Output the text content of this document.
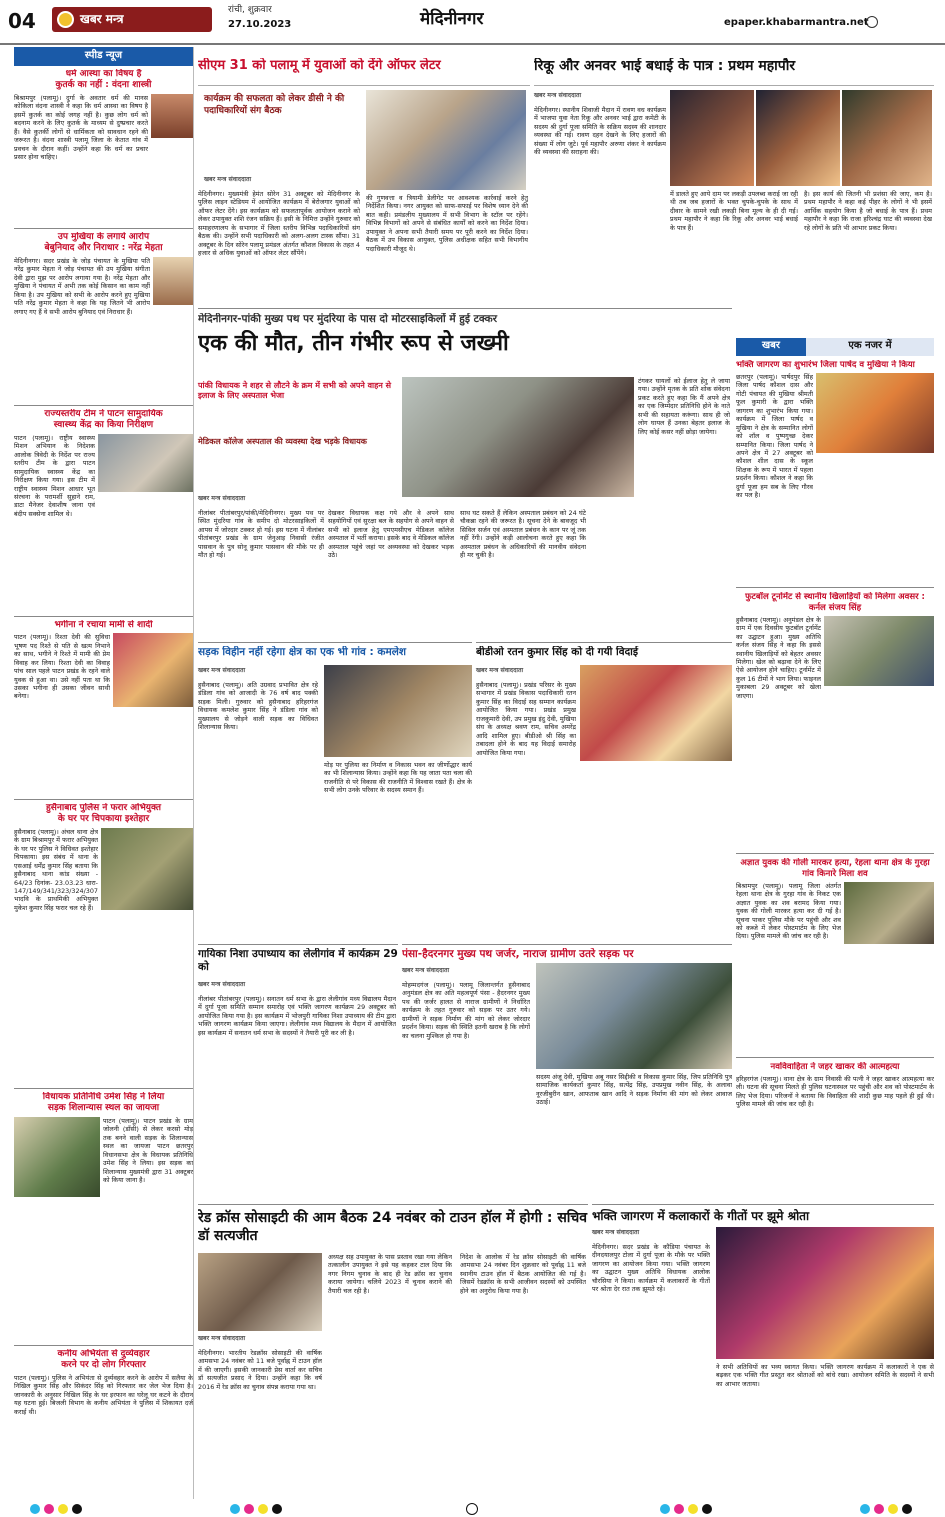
04	खबर मन्त्र
रांची, शुक्रवार
27.10.2023	मेदिनीनगर	epaper.khabarmantra.net
स्पीड न्यूज
धर्म आस्था का विषय है
कुतर्क का नहीं : वंदना शास्त्री
बिश्रामपुर (पलामू)। दुर्गा के अवतार धर्म की मानस कोकिला वंदना शास्त्री ने कहा कि धर्म आस्था का विषय है इसमें कुतर्क का कोई जगह नहीं है। कुछ लोग धर्म को बदनाम करने के लिए कुतर्क के माध्यम से दुष्प्रचार करते हैं। वैसे कुतर्की लोगों से धार्मिकता को सावधान रहने की जरूरत है। वंदना शास्त्री पलामू जिला के केतात गांव में प्रवचन के दौरान कहीं। उन्होंने कहा कि धर्म का प्रचार प्रसार होना चाहिए।
उप मुखिया के लगाये आरोप
बेबुनियाद और निराधार : नरेंद्र मेहता
मेदिनीनगर। सदर प्रखंड के जोड़ पंचायत के मुखिया पति नरेंद्र कुमार मेहता ने जोड़ पंचायत की उप मुखिया संगीता देवी द्वारा मुझ पर आरोप लगाया गया है। नरेंद्र मेहता और मुखिया ने पंचायत में अभी तक कोई किसान का काम नहीं किया है। उप मुखिया को सभी के आरोप करने हुए मुखिया पति नरेंद्र कुमार मेहता ने कहा कि यह जितने भी आरोप लगाए गए हैं वे सभी आरोप बुनियाद एवं निराधार हैं।
राज्यस्तरीय टीम ने पाटन सामुदायिक
स्वास्थ्य केंद्र का किया निरीक्षण
पाटन (पलामू)। राष्ट्रीय स्वास्थ्य मिशन अभियान के निदेशक आलोक त्रिवेदी के निर्देश पर राज्य स्तरीय टीम के द्वारा पाटन सामुदायिक स्वास्थ्य केंद्र का निरीक्षण किया गया। इस टीम में राष्ट्रीय स्वास्थ्य मिशन आधार भूत संरचना के परामर्शी सुहाने राम, डाटा मैनेजर देवाशीष जाना एवं बंदीप सक्सेना शामिल थे।
भगीना ने रचाया मामी से शादी
पाटन (पलामू)। रिश्ता देवी की सुविधा भूषण पद रिश्ते से पति से खत्म निभाने का साथ, भगीने ने रिश्ते में मामी की प्रेम विवाह कर लिया। रिश्ता देवी का विवाह पांच साल पहले पाटन प्रखंड के रहने वाले युवक से हुआ था। उसे नहीं पता था कि उसका भगीना ही उसका जीवन साथी बनेगा।
हुसैनाबाद पुलिस ने फरार अभियुक्त
के घर पर चिपकाया इश्तेहार
हुसैनाबाद (पलामू)। अंचल थाना क्षेत्र के ग्राम बिश्रामपुर में फरार अभियुक्त के घर पर पुलिस ने विधिवत इश्तेहार चिपकाया। इस संबंध में थाना के एसआई धर्मेंद्र कुमार सिंह बताया कि हुसैनाबाद थाना कांड संख्या - 64/23 दिनांक- 23.03.23 धारा- 147/149/341/323/324/307 भादवि के प्राथमिकी अभियुक्त मुकेश कुमार सिंह फरार चल रहे हैं।
विधायक प्रतिनिधि उमेश सिंह ने लिया
सड़क शिलान्यास स्थल का जायजा
पाटन (पलामू)। पाटन प्रखंड के ग्राम जोलनी (डाँसी) से लेकर करसो मोड़ तक बनने वाली सड़क के शिलान्यास स्थल का जायजा पाटन छतरपुर विधानसभा क्षेत्र के विधायक प्रतिनिधि उमेश सिंह ने लिया। इस सड़क का शिलान्यास मुख्यमंत्री द्वारा 31 अक्टूबर को किया जाना है।
कनीय अभियंता से दुर्व्यवहार
करने पर दो लोग गिरफ्तार
पाटन (पलामू)। पुलिस ने अभियंता से दुर्व्यवहार करने के आरोप में सलैया के निखिल कुमार सिंह और सिकंदर सिंह को गिरफ्तार कर जेल भेज दिया है। जानकारी के अनुसार निखिल सिंह के घर इरफान का घरेलू घर कटने के दौरान यह घटना हुई। बिजली विभाग के कनीय अभियंता ने पुलिस में शिकायत दर्ज कराई थी।
सीएम 31 को पलामू में युवाओं को देंगे ऑफर लेटर
कार्यक्रम की सफलता को लेकर डीसी ने की पदाधिकारियों संग बैठक
खबर मन्त्र संवाददाता
मेदिनीनगर। मुख्यमंत्री हेमंत सोरेन 31 अक्टूबर को मेदिनीनगर के पुलिस लाइन स्टेडियम में आयोजित कार्यक्रम में बेरोजगार युवाओं को ऑफर लेटर देंगे। इस कार्यक्रम को सफलतापूर्वक आयोजन कराने को लेकर उपायुक्त शशि रंजन सक्रिय हैं। इसी के निमित्त उन्होंने गुरुवार को समाहरणालय के सभागार में जिला स्तरीय विभिन्न पदाधिकारियों संग बैठक की। उन्होंने सभी पदाधिकारी को अलग-अलग टास्क सौंपा। 31 अक्टूबर के दिन सोरेन पलामू प्रमंडल अंतर्गत कौशल विकास के तहत 4 हजार से अधिक युवाओं को ऑफर लेटर सौंपेंगे।
की गुणवत्ता व त्रियामी डेलीगेट पर आवश्यक कार्रवाई करने हेतु निर्देशित किया। नगर आयुक्त को साफ-सफाई पर विशेष ध्यान देने की बात कही। प्रमंडलीय मुख्यालय में सभी विभाग के स्टॉल पर रहेंगे। विभिन्न विभागों को अपने से संबंधित कार्यों को करने का निर्देश दिया। उपायुक्त ने अपना सभी तैयारी समय पर पूरी करने का निर्देश दिया। बैठक में उप विकास आयुक्त, पुलिस अधीक्षक सहित सभी विभागीय पदाधिकारी मौजूद थे।
रिकू और अनवर भाई बधाई के पात्र : प्रथम महापौर
खबर मन्त्र संवाददाता
मेदिनीनगर। स्थानीय शिवाजी मैदान में रावण वध कार्यक्रम में भाजपा युवा नेता रिकू और अनवर भाई द्वारा कमेटी के सदस्य श्री दुर्गा पूजा समिति के सक्रिय सदस्य की शानदार व्यवस्था की गई। रावण दहन देखने के लिए हजारों की संख्या में लोग जुटे। पूर्व महापौर अरुणा शंकर ने कार्यक्रम की व्यवस्था की सराहना की।
में डालते हुए आये दाम पर लकड़ी उपलब्ध कराई जा रही थी तब जब हजारों के भक्त चुपके-चुपके के साथ में दीवार के सामने रखी लकड़ी बिना मूल्य के ही दी गई। प्रथम महापौर ने कहा कि रिकू और अनवर भाई बधाई के पात्र हैं।
है। इस कार्य की जितनी भी प्रशंसा की जाए, कम है। प्रथम महापौर ने कहा कई पीहर के लोगों ने भी इसमें आर्थिक सहयोग किया है जो बधाई के पात्र हैं। प्रथम महापौर ने कहा कि राजा हरिश्चंद्र घाट की व्यवस्था देख रहे लोगों के प्रति भी आभार प्रकट किया।
मेदिनीनगर-पांकी मुख्य पथ पर मुंदरिया के पास दो मोटरसाइकिलों में हुई टक्कर
एक की मौत, तीन गंभीर रूप से जख्मी
पांकी विधायक ने शहर से लौटने के क्रम में सभी को अपने वाहन से इलाज के लिए अस्पताल भेजा
मेडिकल कॉलेज अस्पताल की व्यवस्था देख भड़के विधायक
खबर मन्त्र संवाददाता
नीलांबर पीतांबरपुर/पांकी/मेदिनीनगर। मुख्य पथ पर स्थित मुंदरिया गांव के समीप दो मोटरसाइकिलों में आपस में जोरदार टक्कर हो गई। इस घटना में नीलांबर पीतांबरपुर प्रखंड के ग्राम जेनुआइ निवासी रंजीत पासवान के पुत्र सोनू कुमार पासवान की मौके पर ही मौत हो गई।
देखकर विधायक कक्ष गये और वे अपने साथ सहयोगियों एवं सुरक्षा बल के सहयोग से अपने वाहन से सभी को इलाज हेतु एमएमसीएच मेडिकल कॉलेज अस्पताल में भर्ती कराया। इसके बाद वे मेडिकल कॉलेज अस्पताल पहुंचे जहां पर अव्यवस्था को देखकर भड़क उठे।
साथ घट सकते हैं लेकिन अस्पताल प्रबंधन को 24 घंटे चौकन्ना रहने की जरूरत है। सूचना देने के बावजूद भी सिविल सर्जन एवं अस्पताल प्रबंधन के कान पर जूं तक नहीं रेंगी। उन्होंने कड़ी आलोचना करते हुए कहा कि अस्पताल प्रबंधन के अधिकारियों की मानवीय संवेदना ही मर चुकी है।
टंगकर घायलों को ईलाज हेतु ले जाया गया। उन्होंने मृतक के प्रति शोक संवेदना प्रकट करते हुए कहा कि मैं अपने क्षेत्र का एक जिम्मेदार प्रतिनिधि होने के नाते सभी की सहायता करूंगा। साथ ही जो लोग घायल हैं उनका बेहतर इलाज के लिए कोई कसर नहीं छोड़ा जायेगा।
खबर	एक नजर में
भक्ति जागरण का शुभारंभ जिला पार्षद व मुखिया ने किया
छतरपुर (पलामू)। पार्षदपुर सिंह जिला पार्षद कौशल दास और गोटी पंचायत की मुखिया श्रीमती फूल कुमारी के द्वारा भक्ति जागरण का शुभारंभ किया गया। कार्यक्रम में जिला पार्षद व मुखिया ने क्षेत्र के सम्मानित लोगों को शॉल व पुष्पगुच्छ देकर सम्मानित किया। जिला पार्षद ने अपने क्षेत्र में 27 अक्टूबर को कौशल शील दास के स्कूल शिक्षक के रूप में भारत में पहला प्रदर्शन किया। कौशल ने कहा कि दुर्गा पूजा हम सब के लिए गौरव का पल है।
फुटबॉल टूर्नामेंट से स्थानीय खिलाड़ियों को मिलेगा अवसर : कर्नल संजय सिंह
हुसैनाबाद (पलामू)। अनुमंडल क्षेत्र के ग्राम में एक दिवसीय फुटबॉल टूर्नामेंट का उद्घाटन हुआ। मुख्य अतिथि कर्नल संजय सिंह ने कहा कि इससे स्थानीय खिलाड़ियों को बेहतर अवसर मिलेगा। खेल को बढ़ावा देने के लिए ऐसे आयोजन होने चाहिए। टूर्नामेंट में कुल 16 टीमों ने भाग लिया। फाइनल मुकाबला 29 अक्टूबर को खेला जाएगा।
अज्ञात युवक की गोली मारकर हत्या, रेहला थाना क्षेत्र के गुरहा गांव किनारे मिला शव
बिश्रामपुर (पलामू)। पलामू जिला अंतर्गत रेहला थाना क्षेत्र के गुरहा गांव के निकट एक अज्ञात युवक का शव बरामद किया गया। युवक की गोली मारकर हत्या कर दी गई है। सूचना पाकर पुलिस मौके पर पहुंची और शव को कब्जे में लेकर पोस्टमार्टम के लिए भेज दिया। पुलिस मामले की जांच कर रही है।
नवविवाहिता ने जहर खाकर की आत्महत्या
हरिहरगंज (पलामू)। थाना क्षेत्र के ग्राम निवासी की पत्नी ने जहर खाकर आत्महत्या कर ली। घटना की सूचना मिलते ही पुलिस घटनास्थल पर पहुंची और शव को पोस्टमार्टम के लिए भेज दिया। परिजनों ने बताया कि विवाहिता की शादी कुछ माह पहले ही हुई थी। पुलिस मामले की जांच कर रही है।
सड़क विहीन नहीं रहेगा क्षेत्र का एक भी गांव : कमलेश
खबर मन्त्र संवाददाता
हुसैनाबाद (पलामू)। अति उग्रवाद प्रभावित क्षेत्र रहे डंडिला गांव को आजादी के 76 वर्ष बाद पक्की सड़क मिली। गुरुवार को हुसैनाबाद हरिहरगंज विधायक कमलेश कुमार सिंह ने डंडिला गांव को मुख्यालय से जोड़ने वाली सड़क का विधिवत शिलान्यास किया।
मोड़ पर पुलिया का निर्माण व निकास भवन का जीर्णोद्धार कार्य का भी शिलान्यास किया। उन्होंने कहा कि यह जाता पता चला की राजनीति से परे विकास की राजनीति में विश्वास रखते हैं। क्षेत्र के सभी लोग उनके परिवार के सदस्य समान हैं।
बीडीओ रतन कुमार सिंह को दी गयी विदाई
खबर मन्त्र संवाददाता
हुसैनाबाद (पलामू)। प्रखंड परिसर के मुख्य सभागार में प्रखंड विकास पदाधिकारी रतन कुमार सिंह का विदाई सह सम्मान कार्यक्रम आयोजित किया गया। प्रखंड प्रमुख राजकुमारी देवी, उप प्रमुख इंदु देवी, मुखिया संघ के अध्यक्ष श्रवण राम, सचिव अमरेंद्र आदि शामिल हुए। बीडीओ श्री सिंह का तबादला होने के बाद यह विदाई समारोह आयोजित किया गया।
गायिका निशा उपाध्याय का लेलीगांव में कार्यक्रम 29 को
खबर मन्त्र संवाददाता
नीलांबर पीतांबरपुर (पलामू)। सनातन धर्म सभा के द्वारा लेलीगांव मध्य विद्यालय मैदान में दुर्गा पूजा समिति सम्मान समारोह एवं भक्ति जागरण कार्यक्रम 29 अक्टूबर को आयोजित किया गया है। इस कार्यक्रम में भोजपुरी गायिका निशा उपाध्याय की टीम द्वारा भक्ति जागरण कार्यक्रम किया जाएगा। लेलीगांव मध्य विद्यालय के मैदान में आयोजित इस कार्यक्रम में सनातन धर्म सभा के सदस्यों ने तैयारी पूरी कर ली है।
पंसा-हैदरनगर मुख्य पथ जर्जर, नाराज ग्रामीण उतरे सड़क पर
खबर मन्त्र संवाददाता
मोहम्मदगंज (पलामू)। पलामू जिलान्तर्गत हुसैनाबाद अनुमंडल क्षेत्र का अति महत्वपूर्ण पंसा - हैदरनगर मुख्य पथ की जर्जर हालत से नाराज ग्रामीणों ने निर्धारित कार्यक्रम के तहत गुरुवार को सड़क पर उतर गये। ग्रामीणों ने सड़क निर्माण की मांग को लेकर जोरदार प्रदर्शन किया। सड़क की स्थिति इतनी खराब है कि लोगों का चलना मुश्किल हो गया है।
सदस्य अंजू देवी, मुखिया अबू नसर सिद्दीकी व विकास कुमार सिंह, जिप प्रतिनिधि पुत्र सामाजिक कार्यकर्ता कुमार सिंह, सत्येंद्र सिंह, उपप्रमुख नवीन सिंह, के अलावा नूरजीबुरीन खान, आफताब खान आदि ने सड़क निर्माण की मांग को लेकर आवाज उठाई।
रेड क्रॉस सोसाइटी की आम बैठक 24 नवंबर को टाउन हॉल में होगी : सचिव डॉ सत्यजीत
खबर मन्त्र संवाददाता
मेदिनीनगर। भारतीय रेडक्रॉस सोसाइटी की वार्षिक आमसभा 24 नवंबर को 11 बजे पूर्वाह्न में टाउन हॉल में की जाएगी। इसकी जानकारी प्रेस वार्ता कर सचिव डॉ सत्यजीत प्रसाद ने दिया। उन्होंने कहा कि वर्ष 2016 में रेड क्रॉस का चुनाव संपन्न कराया गया था।
अध्यक्ष सह उपायुक्त के पास प्रस्ताव रखा गया लेकिन तत्कालीन उपायुक्त ने इसे यह कहकर टाल दिया कि नगर निगम चुनाव के बाद ही रेड क्रॉस का चुनाव कराया जायेगा। चलिये 2023 में चुनाव कराने की तैयारी चल रही है।
निदेश के आलोक में रेड क्रॉस सोसाइटी की वार्षिक आमसभा 24 नवंबर दिन शुक्रवार को पूर्वाह्न 11 बजे स्थानीय टाउन हॉल में बैठक आयोजित की गई है। जिसमें रेडक्रॉस के सभी आजीवन सदस्यों को उपस्थित होने का अनुरोध किया गया है।
भक्ति जागरण में कलाकारों के गीतों पर झूमे श्रोता
खबर मन्त्र संवाददाता
मेदिनीनगर। सदर प्रखंड के कौडिया पंचायत के दीनदयालपुर टोला में दुर्गा पूजा के मौके पर भक्ति जागरण का आयोजन किया गया। भक्ति जागरण का उद्घाटन मुख्य अतिथि विधायक आलोक चौरसिया ने किया। कार्यक्रम में कलाकारों के गीतों पर श्रोता देर रात तक झूमते रहे।
ने सभी अतिथियों का भव्य स्वागत किया। भक्ति जागरण कार्यक्रम में कलाकारों ने एक से बढ़कर एक भक्ति गीत प्रस्तुत कर श्रोताओं को बांधे रखा। आयोजन समिति के सदस्यों ने सभी का आभार जताया।
